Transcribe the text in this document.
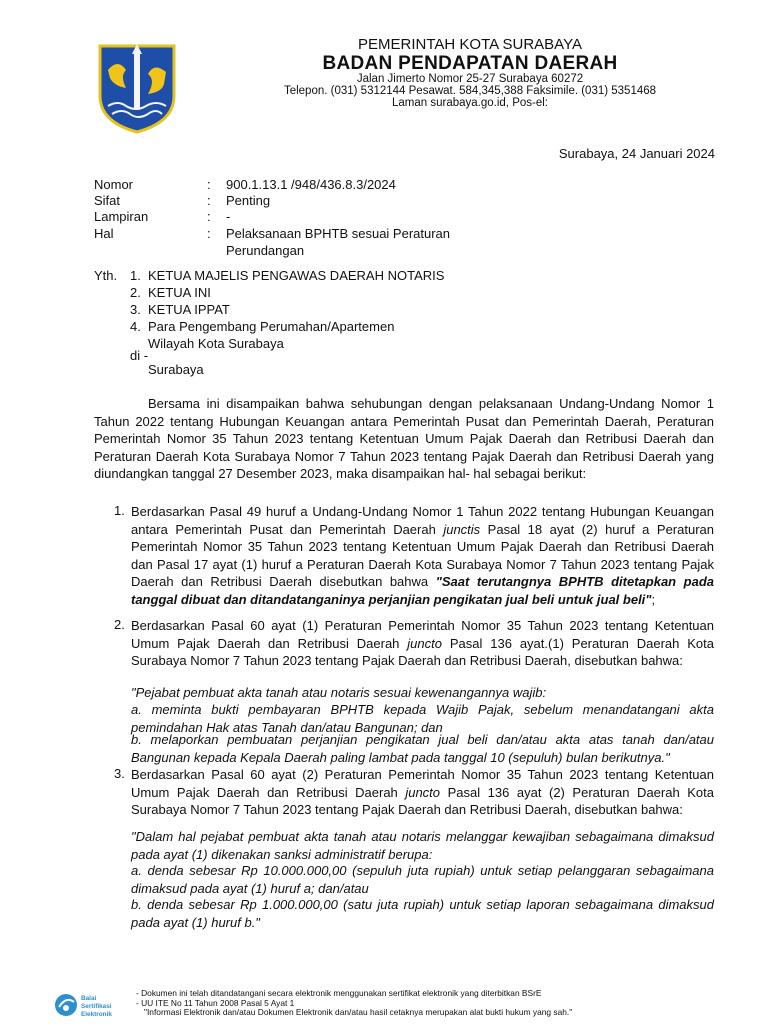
PEMERINTAH KOTA SURABAYA
BADAN PENDAPATAN DAERAH
Jalan Jimerto Nomor 25-27 Surabaya 60272
Telepon. (031) 5312144 Pesawat. 584,345,388 Faksimile. (031) 5351468
Laman surabaya.go.id, Pos-el:
Surabaya, 24 Januari 2024
Nomor	:	900.1.13.1 /948/436.8.3/2024
Sifat	:	Penting
Lampiran	:	-
Hal	:	Pelaksanaan BPHTB sesuai Peraturan Perundangan
Yth. 1. KETUA MAJELIS PENGAWAS DAERAH NOTARIS
2. KETUA INI
3. KETUA IPPAT
4. Para Pengembang Perumahan/Apartemen Wilayah Kota Surabaya
di -
Surabaya
Bersama ini disampaikan bahwa sehubungan dengan pelaksanaan Undang-Undang Nomor 1 Tahun 2022 tentang Hubungan Keuangan antara Pemerintah Pusat dan Pemerintah Daerah, Peraturan Pemerintah Nomor 35 Tahun 2023 tentang Ketentuan Umum Pajak Daerah dan Retribusi Daerah dan Peraturan Daerah Kota Surabaya Nomor 7 Tahun 2023 tentang Pajak Daerah dan Retribusi Daerah yang diundangkan tanggal 27 Desember 2023, maka disampaikan hal- hal sebagai berikut:
1. Berdasarkan Pasal 49 huruf a Undang-Undang Nomor 1 Tahun 2022 tentang Hubungan Keuangan antara Pemerintah Pusat dan Pemerintah Daerah junctis Pasal 18 ayat (2) huruf a Peraturan Pemerintah Nomor 35 Tahun 2023 tentang Ketentuan Umum Pajak Daerah dan Retribusi Daerah dan Pasal 17 ayat (1) huruf a Peraturan Daerah Kota Surabaya Nomor 7 Tahun 2023 tentang Pajak Daerah dan Retribusi Daerah disebutkan bahwa "Saat terutangnya BPHTB ditetapkan pada tanggal dibuat dan ditandatanganinya perjanjian pengikatan jual beli untuk jual beli";
2. Berdasarkan Pasal 60 ayat (1) Peraturan Pemerintah Nomor 35 Tahun 2023 tentang Ketentuan Umum Pajak Daerah dan Retribusi Daerah juncto Pasal 136 ayat.(1) Peraturan Daerah Kota Surabaya Nomor 7 Tahun 2023 tentang Pajak Daerah dan Retribusi Daerah, disebutkan bahwa:
"Pejabat pembuat akta tanah atau notaris sesuai kewenangannya wajib:
a. meminta bukti pembayaran BPHTB kepada Wajib Pajak, sebelum menandatangani akta pemindahan Hak atas Tanah dan/atau Bangunan; dan
b. melaporkan pembuatan perjanjian pengikatan jual beli dan/atau akta atas tanah dan/atau Bangunan kepada Kepala Daerah paling lambat pada tanggal 10 (sepuluh) bulan berikutnya."
3. Berdasarkan Pasal 60 ayat (2) Peraturan Pemerintah Nomor 35 Tahun 2023 tentang Ketentuan Umum Pajak Daerah dan Retribusi Daerah juncto Pasal 136 ayat (2) Peraturan Daerah Kota Surabaya Nomor 7 Tahun 2023 tentang Pajak Daerah dan Retribusi Daerah, disebutkan bahwa:
"Dalam hal pejabat pembuat akta tanah atau notaris melanggar kewajiban sebagaimana dimaksud pada ayat (1) dikenakan sanksi administratif berupa:
a. denda sebesar Rp 10.000.000,00 (sepuluh juta rupiah) untuk setiap pelanggaran sebagaimana dimaksud pada ayat (1) huruf a; dan/atau
b. denda sebesar Rp 1.000.000,00 (satu juta rupiah) untuk setiap laporan sebagaimana dimaksud pada ayat (1) huruf b."
Balai
Sertifikasi
Elektronik
- Dokumen ini telah ditandatangani secara elektronik menggunakan sertifikat elektronik yang diterbitkan BSrE
- UU ITE No 11 Tahun 2008 Pasal 5 Ayat 1
"Informasi Elektronik dan/atau Dokumen Elektronik dan/atau hasil cetaknya merupakan alat bukti hukum yang sah."
